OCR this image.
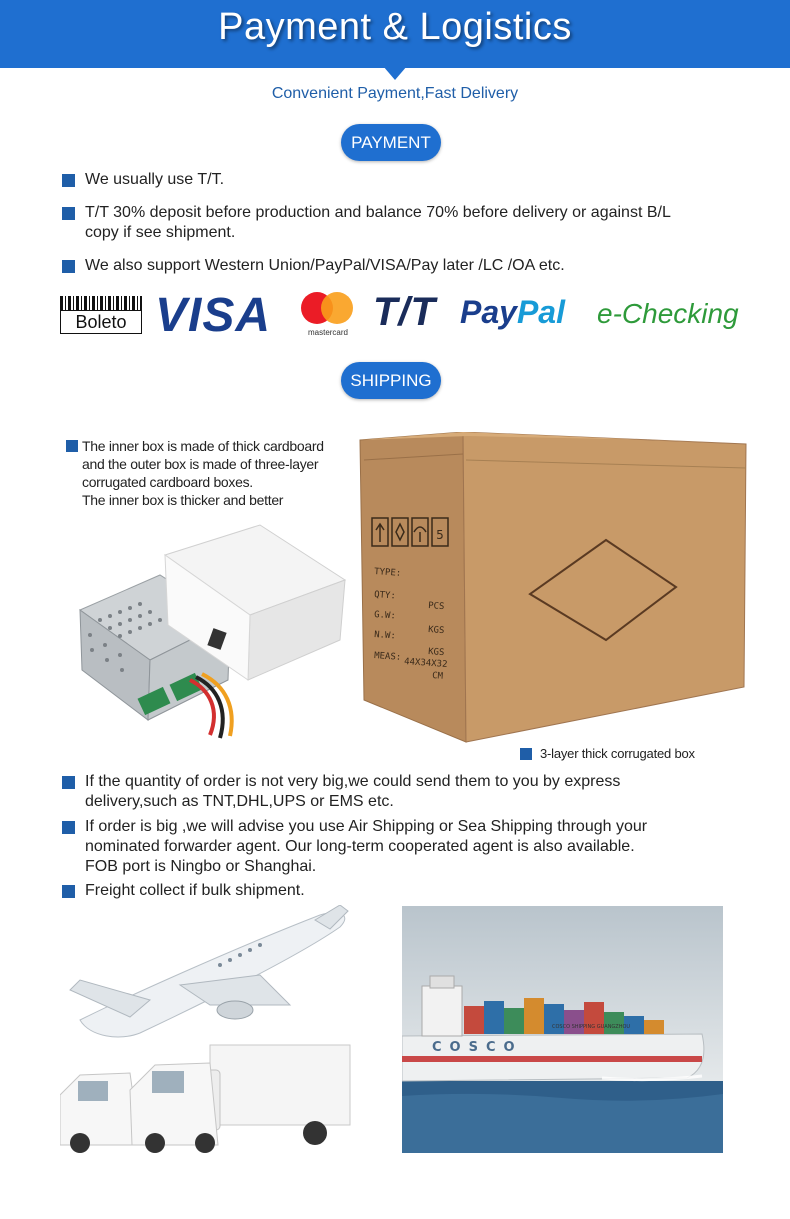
Payment & Logistics
Convenient Payment,Fast Delivery
PAYMENT
We usually use T/T.
T/T 30% deposit before production and balance 70% before delivery or against B/L
copy if see shipment.
We also support Western Union/PayPal/VISA/Pay later /LC /OA etc.
Boleto VISA	mastercard T/T PayPal e-Checking
SHIPPING
The inner box is made of thick cardboard
and the outer box is made of three-layer
corrugated cardboard boxes.
The inner box is thicker and better
5
TYPE:
QTY:
G.W:
N.W:
MEAS:
44X34X32
PCS
KGS
KGS
CM
3-layer thick corrugated box
If the quantity of order is not very big,we could send them to you by express
delivery,such as TNT,DHL,UPS or EMS etc.
If order is big ,we will advise you use Air Shipping or Sea Shipping through your
nominated forwarder agent. Our long-term cooperated agent is also available.
FOB port is Ningbo or Shanghai.
Freight collect if bulk shipment.
COSCO
COSCO SHIPPING GUANGZHOU
